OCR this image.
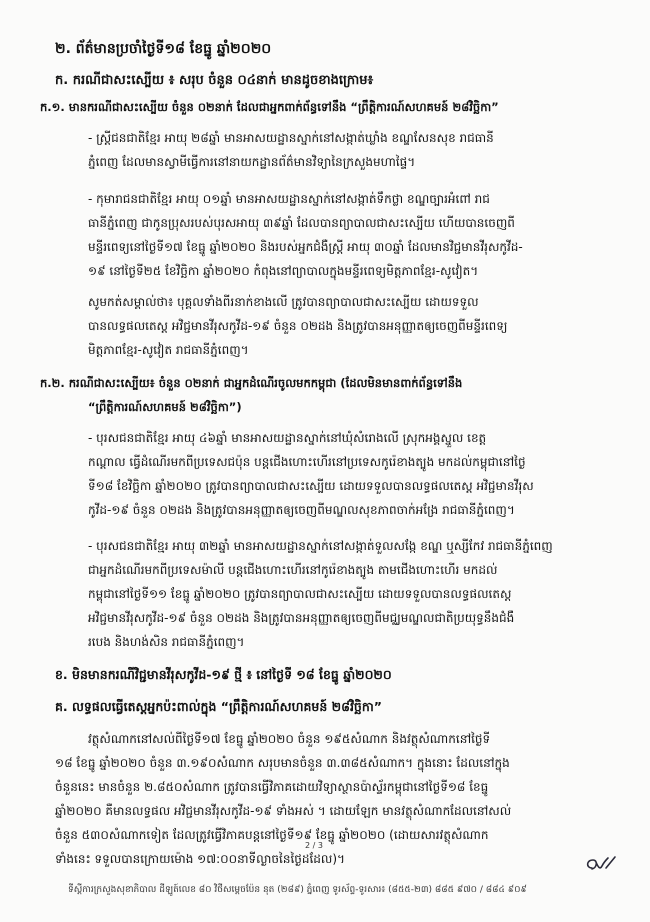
២. ព័ត៌មានប្រចាំថ្ងៃទី១៨ ខែធ្នូ ឆ្នាំ២០២០
ក. ករណីជាសះស្បើយ ៖ សរុប ចំនួន ០៤នាក់ មានដូចខាងក្រោម៖
ក.១. មានករណីជាសះស្បើយ ចំនួន ០២នាក់ ដែលជាអ្នកពាក់ព័ន្ធទៅនឹង “ព្រឹត្តិការណ៍សហគមន៍ ២៨វិច្ឆិកា”
- ស្ត្រីជនជាតិខ្មែរ អាយុ ២៨ឆ្នាំ មានអាសយដ្ឋានស្នាក់នៅសង្កាត់ឃ្លាំង ខណ្ឌសែនសុខ រាជធានី
ភ្នំពេញ ដែលមានស្វាមីធ្វើការនៅនាយកដ្ឋានព័ត៌មានវិទ្យានៃក្រសួងមហាផ្ទៃ។
- កុមារាជនជាតិខ្មែរ អាយុ ០១ឆ្នាំ មានអាសយដ្ឋានស្នាក់នៅសង្កាត់ទឹកថ្លា ខណ្ឌច្បារអំពៅ រាជ
ធានីភ្នំពេញ ជាកូនប្រុសរបស់បុរសអាយុ ៣៩ឆ្នាំ ដែលបានព្យាបាលជាសះស្បើយ ហើយបានចេញពី
មន្ទីរពេទ្យនៅថ្ងៃទី១៧ ខែធ្នូ ឆ្នាំ២០២០ និងរបស់អ្នកជំងឺស្ត្រី អាយុ ៣០ឆ្នាំ ដែលមានវិជ្ជមានវីរុសកូវីដ-
១៩ នៅថ្ងៃទី២៥ ខែវិច្ឆិកា ឆ្នាំ២០២០ កំពុងនៅព្យាបាលក្នុងមន្ទីរពេទ្យមិត្តភាពខ្មែរ-សូវៀត។
សូមកត់សម្គាល់ថា៖ បុគ្គលទាំងពីរនាក់ខាងលើ ត្រូវបានព្យាបាលជាសះស្បើយ ដោយទទួល
បានលទ្ធផលតេស្ត អវិជ្ជមានវីរុសកូវីដ-១៩ ចំនួន ០២ដង និងត្រូវបានអនុញ្ញាតឲ្យចេញពីមន្ទីរពេទ្យ
មិត្តភាពខ្មែរ-សូវៀត រាជធានីភ្នំពេញ។
ក.២. ករណីជាសះស្បើយ៖ ចំនួន ០២នាក់ ជាអ្នកដំណើរចូលមកកម្ពុជា (ដែលមិនមានពាក់ព័ន្ធទៅនឹង
“ព្រឹត្តិការណ៍សហគមន៍ ២៨វិច្ឆិកា”)
- បុរសជនជាតិខ្មែរ អាយុ ៤៦ឆ្នាំ មានអាសយដ្ឋានស្នាក់នៅឃុំសំរោងលើ ស្រុកអង្គស្នួល ខេត្ត
កណ្ដាល ធ្វើដំណើរមកពីប្រទេសជប៉ុន បន្តជើងហោះហើរនៅប្រទេសកូរ៉េខាងត្បូង មកដល់កម្ពុជានៅថ្ងៃ
ទី១៨ ខែវិច្ឆិកា ឆ្នាំ២០២០ ត្រូវបានព្យាបាលជាសះស្បើយ ដោយទទួលបានលទ្ធផលតេស្ត អវិជ្ជមានវីរុស
កូវីដ-១៩ ចំនួន ០២ដង និងត្រូវបានអនុញ្ញាតឲ្យចេញពីមណ្ឌលសុខភាពចាក់អង្រែ រាជធានីភ្នំពេញ។
- បុរសជនជាតិខ្មែរ អាយុ ៣២ឆ្នាំ មានអាសយដ្ឋានស្នាក់នៅសង្កាត់ទួលសង្កែ ខណ្ឌ ឬស្សីកែវ រាជធានីភ្នំពេញ
ជាអ្នកដំណើរមកពីប្រទេសម៉ាលី បន្តជើងហោះហើរនៅកូរ៉េខាងត្បូង តាមជើងហោះហើរ មកដល់
កម្ពុជានៅថ្ងៃទី១១ ខែធ្នូ ឆ្នាំ២០២០ ត្រូវបានព្យាបាលជាសះស្បើយ ដោយទទួលបានលទ្ធផលតេស្ត
អវិជ្ជមានវីរុសកូវីដ-១៩ ចំនួន ០២ដង និងត្រូវបានអនុញ្ញាតឲ្យចេញពីមជ្ឈមណ្ឌលជាតិប្រយុទ្ធនឹងជំងឺ
របេង និងហង់សិន រាជធានីភ្នំពេញ។
ខ. មិនមានករណីវិជ្ជមានវីរុសកូវីដ-១៩ ថ្មី ៖ នៅថ្ងៃទី ១៨ ខែធ្នូ ឆ្នាំ២០២០
គ. លទ្ធផលធ្វើតេស្តអ្នកប៉ះពាល់ក្នុង “ព្រឹត្តិការណ៍សហគមន៍ ២៨វិច្ឆិកា”
វត្ថុសំណាកនៅសល់ពីថ្ងៃទី១៧ ខែធ្នូ ឆ្នាំ២០២០ ចំនួន ១៩៥សំណាក និងវត្ថុសំណាកនៅថ្ងៃទី
១៨ ខែធ្នូ ឆ្នាំ២០២០ ចំនួន ៣.១៩០សំណាក សរុបមានចំនួន ៣.៣៨៥សំណាក។ ក្នុងនោះ ដែលនៅក្នុង
ចំនួននេះ មានចំនួន ២.៨៥០សំណាក ត្រូវបានធ្វើវិភាគដោយវិទ្យាស្ថានប៉ាស្ទ័រកម្ពុជានៅថ្ងៃទី១៨ ខែធ្នូ
ឆ្នាំ២០២០ គឺមានលទ្ធផល អវិជ្ជមានវីរុសកូវីដ-១៩ ទាំងអស់ ។ ដោយឡែក មានវត្ថុសំណាកដែលនៅសល់
ចំនួន ៥៣០សំណាកទៀត ដែលត្រូវធ្វើវិភាគបន្តនៅថ្ងៃទី១៩ ខែធ្នូ ឆ្នាំ២០២០ (ដោយសារវត្ថុសំណាក
ទាំងនេះ ទទួលបានក្រោយម៉ោង ១៧:០០នាទីល្ងាចនៃថ្ងៃដដែល)។
2 / 3
ទីស្តីការក្រសួងសុខាភិបាល ដីឡូត៍លេខ ៨០ វិថីសម្តេចប៉ែន នុត (២៨៩) ភ្នំពេញ ទូរស័ព្ទ-ទូរសារ៖ (៨៥៥-២៣) ៨៨៥ ៩៧០ / ៨៨៤ ៩០៩
